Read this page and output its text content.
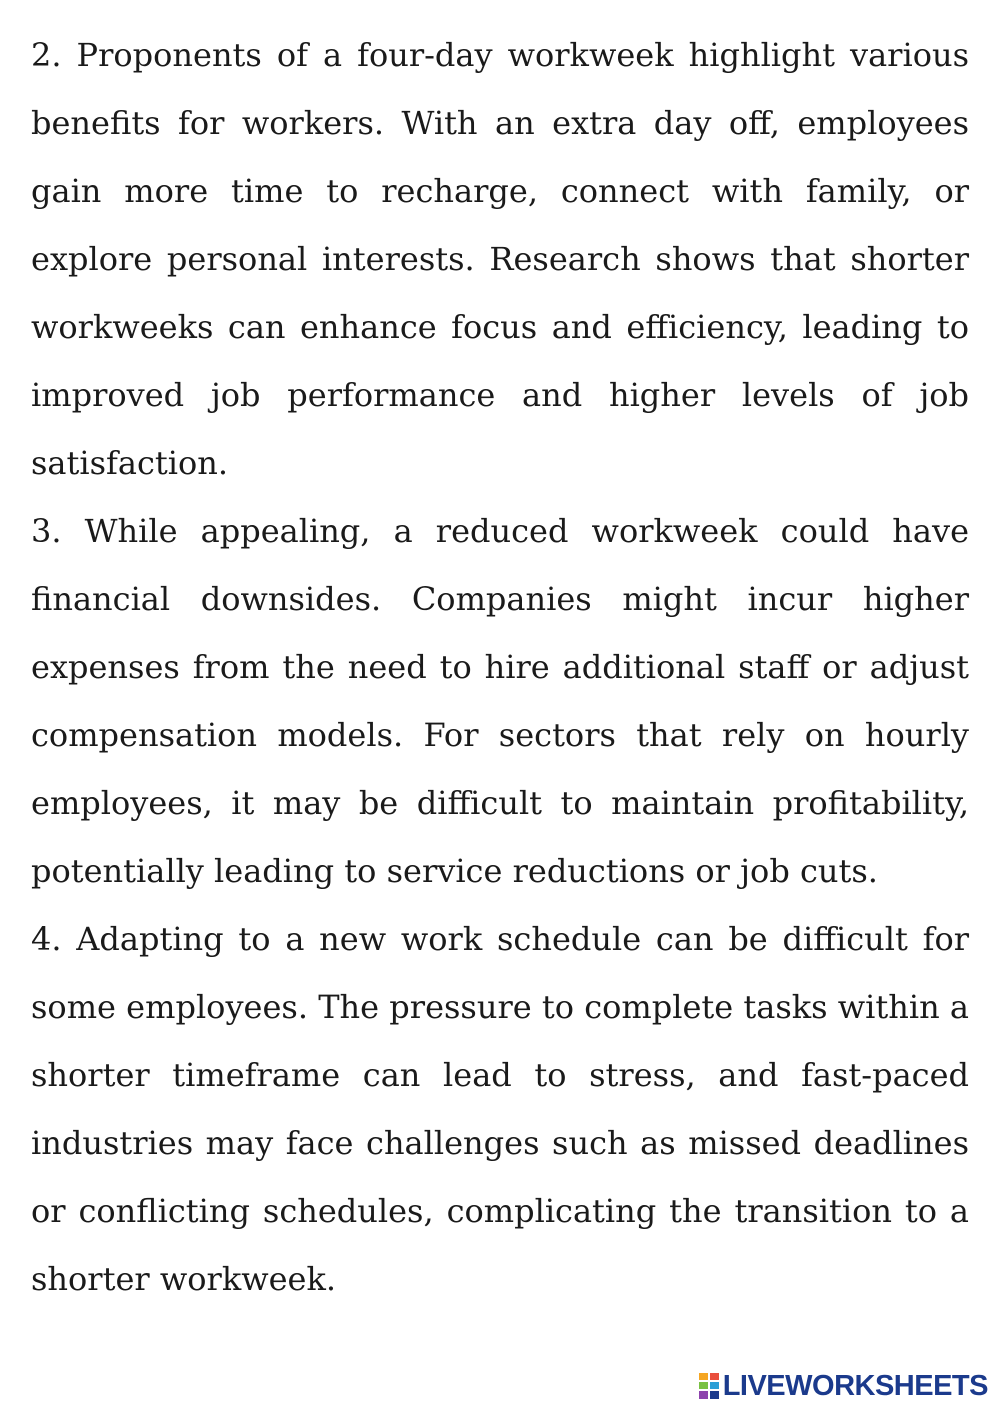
2. Proponents of a four-day workweek highlight various benefits for workers. With an extra day off, employees gain more time to recharge, connect with family, or explore personal interests. Research shows that shorter workweeks can enhance focus and efficiency, leading to improved job performance and higher levels of job satisfaction.

3. While appealing, a reduced workweek could have financial downsides. Companies might incur higher expenses from the need to hire additional staff or adjust compensation models. For sectors that rely on hourly employees, it may be difficult to maintain profitability, potentially leading to service reductions or job cuts.

4. Adapting to a new work schedule can be difficult for some employees. The pressure to complete tasks within a shorter timeframe can lead to stress, and fast-paced industries may face challenges such as missed deadlines or conflicting schedules, complicating the transition to a shorter workweek.

LIVEWORKSHEETS
